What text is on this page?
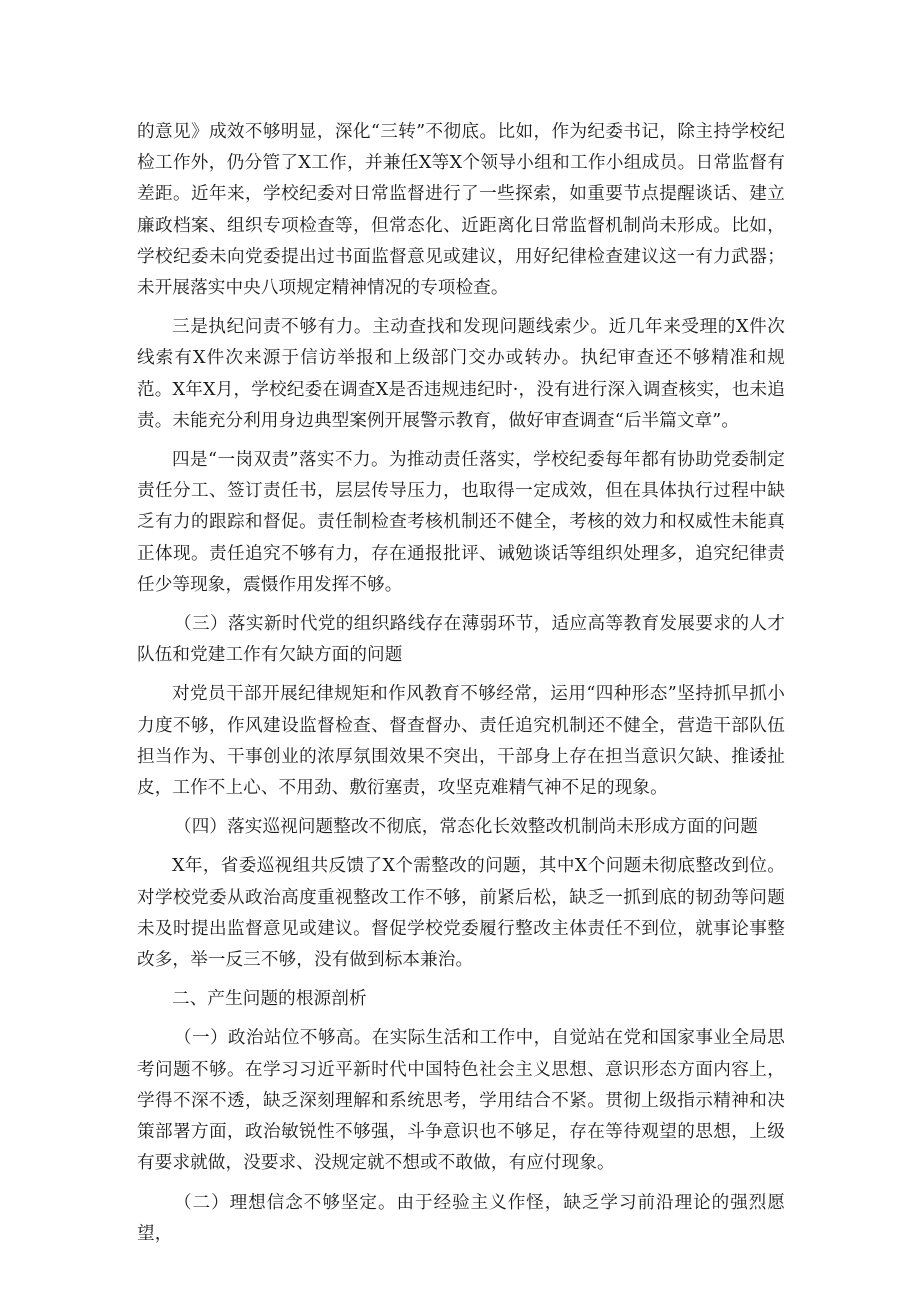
的意见》成效不够明显，深化“三转”不彻底。比如，作为纪委书记，除主持学校纪检工作外，仍分管了X工作，并兼任X等X个领导小组和工作小组成员。日常监督有差距。近年来，学校纪委对日常监督进行了一些探索，如重要节点提醒谈话、建立廉政档案、组织专项检查等，但常态化、近距离化日常监督机制尚未形成。比如，学校纪委未向党委提出过书面监督意见或建议，用好纪律检查建议这一有力武器；未开展落实中央八项规定精神情况的专项检查。

三是执纪问责不够有力。主动查找和发现问题线索少。近几年来受理的X件次线索有X件次来源于信访举报和上级部门交办或转办。执纪审查还不够精准和规范。X年X月，学校纪委在调查X是否违规违纪时·，没有进行深入调查核实，也未追责。未能充分利用身边典型案例开展警示教育，做好审查调查“后半篇文章”。

四是“一岗双责”落实不力。为推动责任落实，学校纪委每年都有协助党委制定责任分工、签订责任书，层层传导压力，也取得一定成效，但在具体执行过程中缺乏有力的跟踪和督促。责任制检查考核机制还不健全，考核的效力和权威性未能真正体现。责任追究不够有力，存在通报批评、诫勉谈话等组织处理多，追究纪律责任少等现象，震慑作用发挥不够。

（三）落实新时代党的组织路线存在薄弱环节，适应高等教育发展要求的人才队伍和党建工作有欠缺方面的问题

对党员干部开展纪律规矩和作风教育不够经常，运用“四种形态”坚持抓早抓小力度不够，作风建设监督检查、督查督办、责任追究机制还不健全，营造干部队伍担当作为、干事创业的浓厚氛围效果不突出，干部身上存在担当意识欠缺、推诿扯皮，工作不上心、不用劲、敷衍塞责，攻坚克难精气神不足的现象。

（四）落实巡视问题整改不彻底，常态化长效整改机制尚未形成方面的问题

X年，省委巡视组共反馈了X个需整改的问题，其中X个问题未彻底整改到位。对学校党委从政治高度重视整改工作不够，前紧后松，缺乏一抓到底的韧劲等问题未及时提出监督意见或建议。督促学校党委履行整改主体责任不到位，就事论事整改多，举一反三不够，没有做到标本兼治。

二、产生问题的根源剖析

（一）政治站位不够高。在实际生活和工作中，自觉站在党和国家事业全局思考问题不够。在学习习近平新时代中国特色社会主义思想、意识形态方面内容上，学得不深不透，缺乏深刻理解和系统思考，学用结合不紧。贯彻上级指示精神和决策部署方面，政治敏锐性不够强，斗争意识也不够足，存在等待观望的思想，上级有要求就做，没要求、没规定就不想或不敢做，有应付现象。

（二）理想信念不够坚定。由于经验主义作怪，缺乏学习前沿理论的强烈愿望，
